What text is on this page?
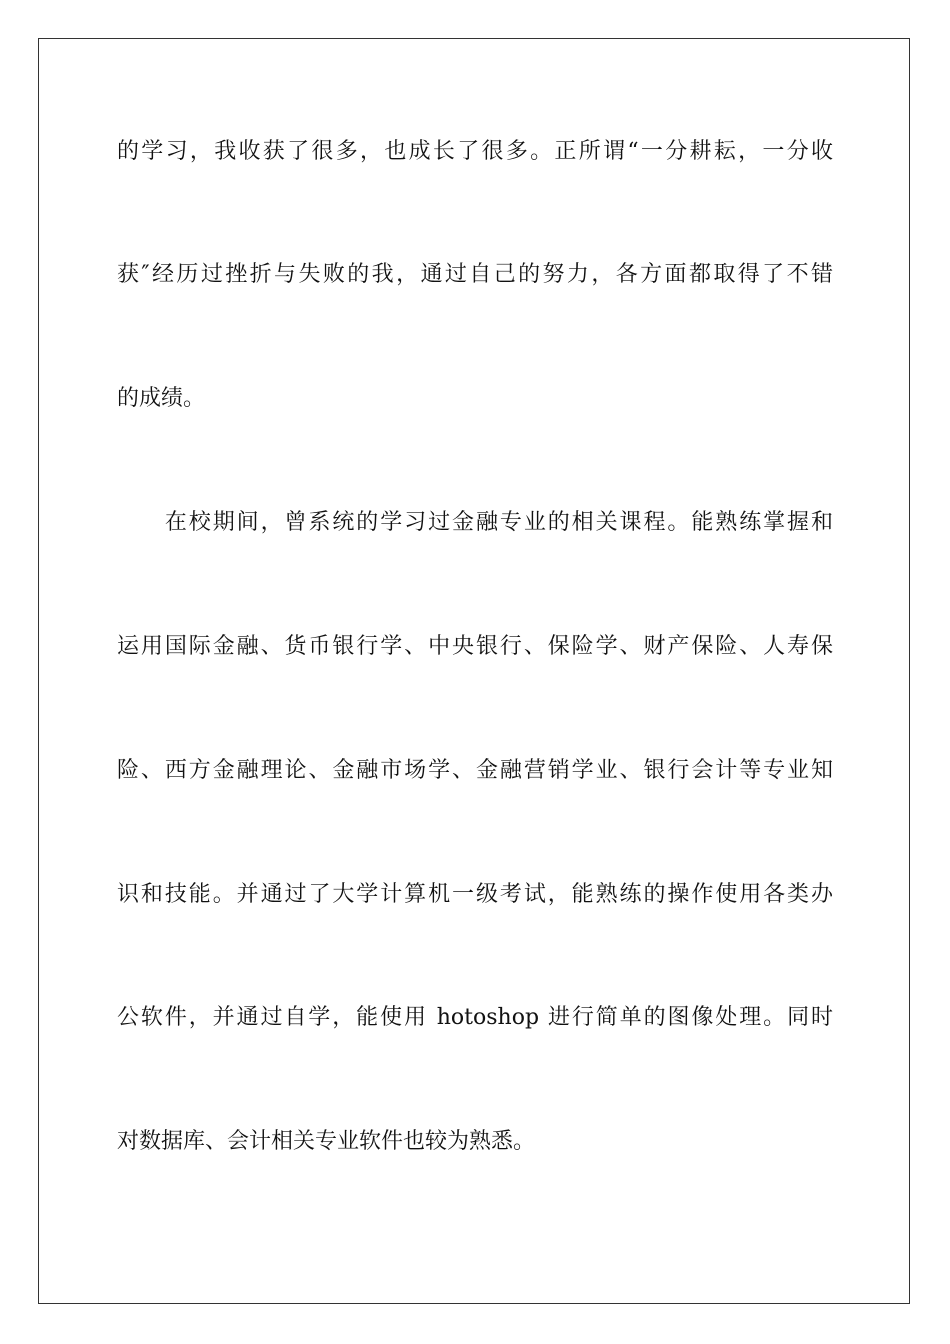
的学习，我收获了很多，也成长了很多。正所谓“一分耕耘，一分收
获″经历过挫折与失败的我，通过自己的努力，各方面都取得了不错
的成绩。
　　在校期间，曾系统的学习过金融专业的相关课程。能熟练掌握和
运用国际金融、货币银行学、中央银行、保险学、财产保险、人寿保
险、西方金融理论、金融市场学、金融营销学业、银行会计等专业知
识和技能。并通过了大学计算机一级考试，能熟练的操作使用各类办
公软件，并通过自学，能使用 hotoshop 进行简单的图像处理。同时
对数据库、会计相关专业软件也较为熟悉。
